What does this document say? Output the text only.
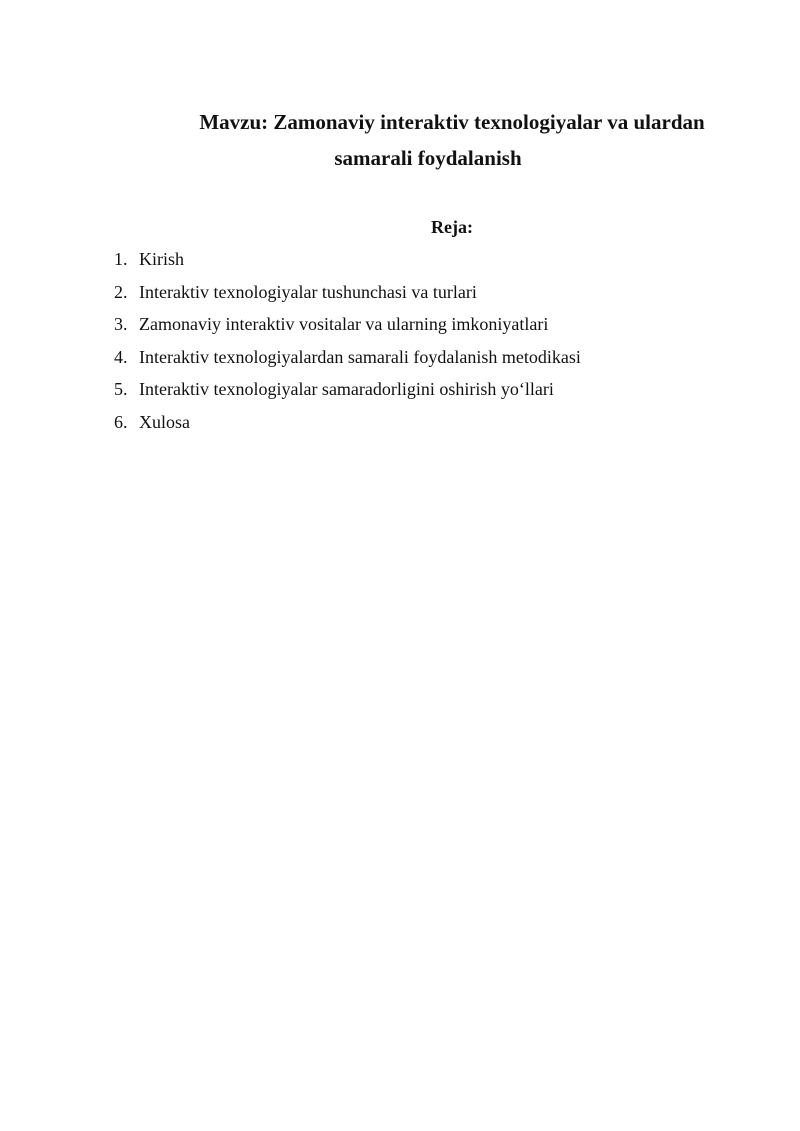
Mavzu: Zamonaviy interaktiv texnologiyalar va ulardan
samarali foydalanish
Reja:
1. Kirish
2. Interaktiv texnologiyalar tushunchasi va turlari
3. Zamonaviy interaktiv vositalar va ularning imkoniyatlari
4. Interaktiv texnologiyalardan samarali foydalanish metodikasi
5. Interaktiv texnologiyalar samaradorligini oshirish yo‘llari
6. Xulosa
